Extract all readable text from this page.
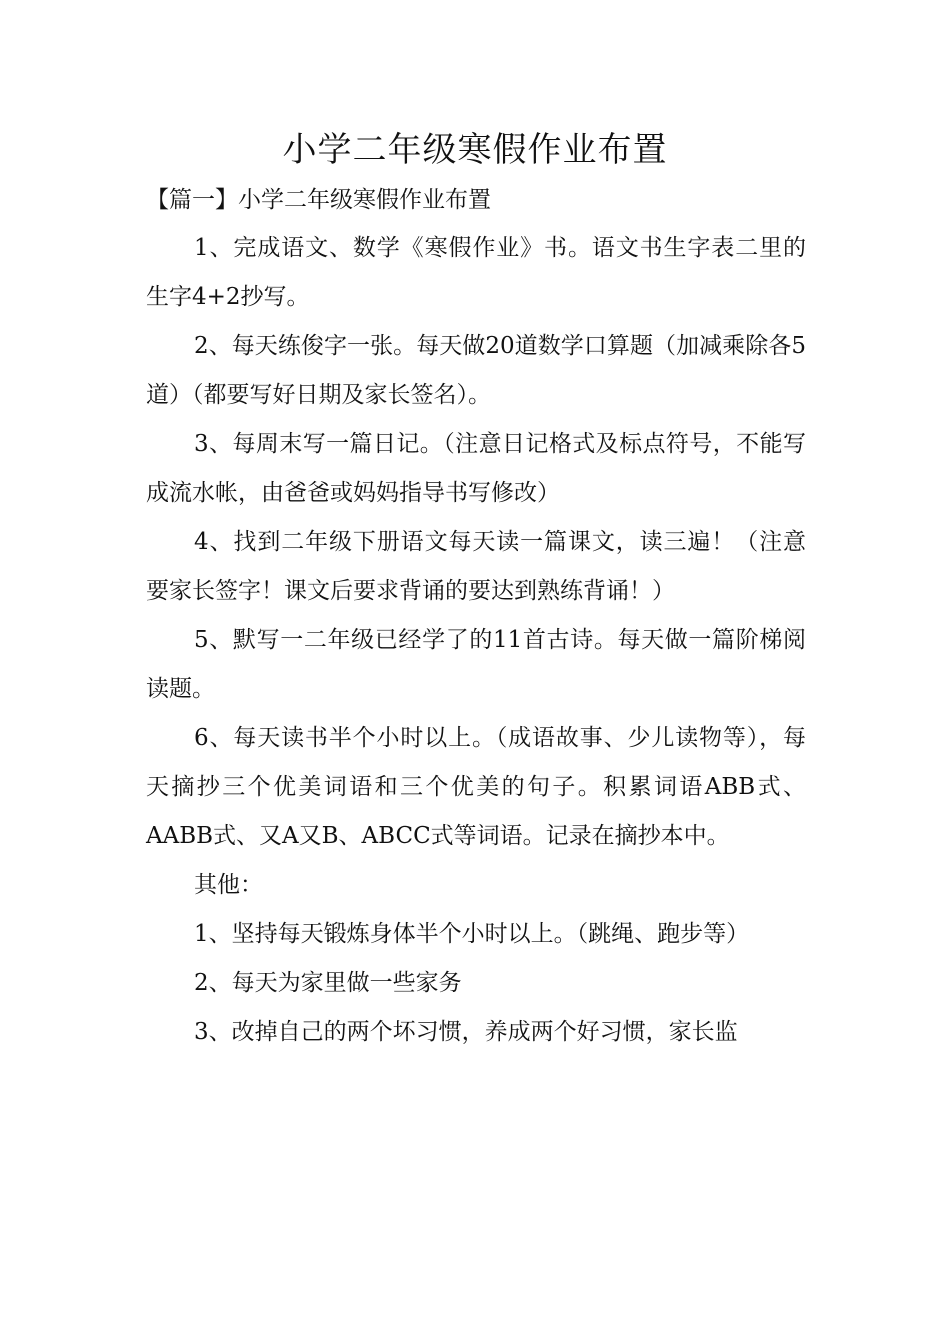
小学二年级寒假作业布置

【篇一】小学二年级寒假作业布置

1、完成语文、数学《寒假作业》书。语文书生字表二里的生字4+2抄写。

2、每天练俊字一张。每天做20道数学口算题（加减乘除各5道）（都要写好日期及家长签名）。

3、每周末写一篇日记。（注意日记格式及标点符号，不能写成流水帐，由爸爸或妈妈指导书写修改）

4、找到二年级下册语文每天读一篇课文，读三遍！（注意要家长签字！课文后要求背诵的要达到熟练背诵！）

5、默写一二年级已经学了的11首古诗。每天做一篇阶梯阅读题。

6、每天读书半个小时以上。（成语故事、少儿读物等），每天摘抄三个优美词语和三个优美的句子。积累词语ABB式、AABB式、又A又B、ABCC式等词语。记录在摘抄本中。

其他：

1、坚持每天锻炼身体半个小时以上。（跳绳、跑步等）

2、每天为家里做一些家务

3、改掉自己的两个坏习惯，养成两个好习惯，家长监
